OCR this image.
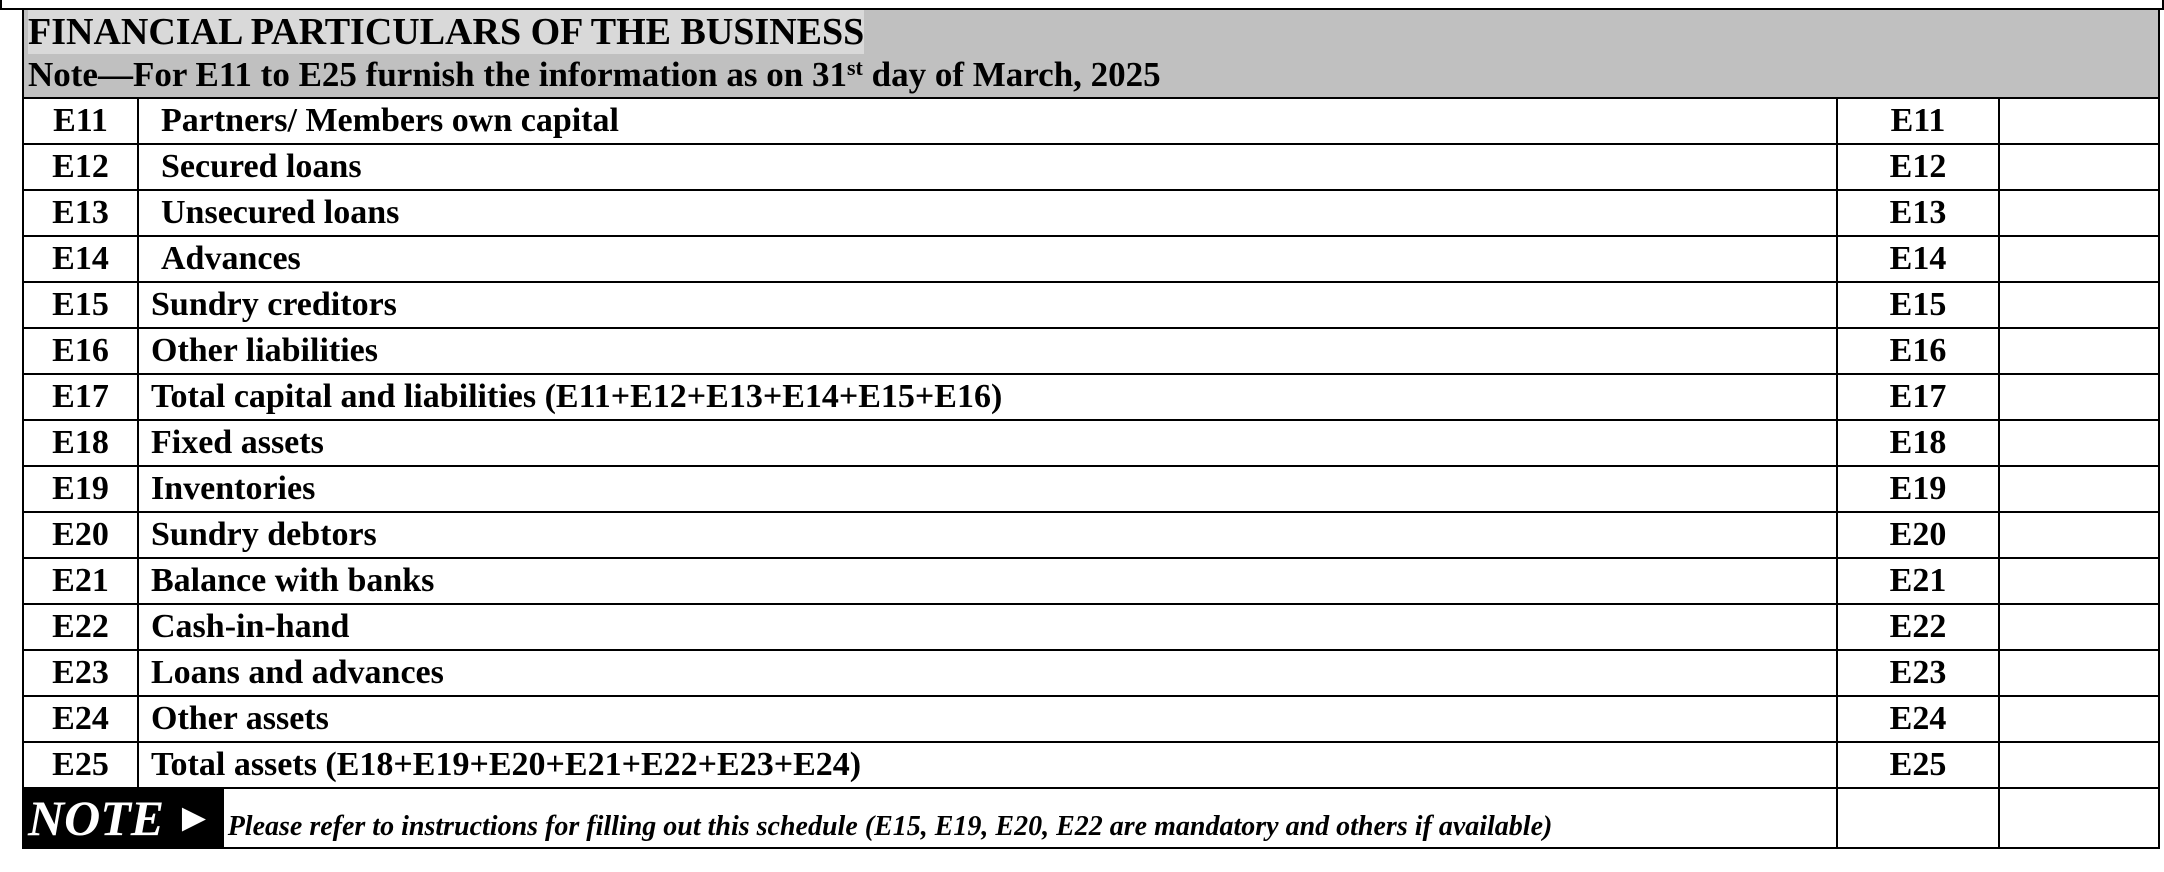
FINANCIAL PARTICULARS OF THE BUSINESS
Note—For E11 to E25 furnish the information as on 31st day of March, 2025
E11	Partners/ Members own capital	E11	
E12	Secured loans	E12	
E13	Unsecured loans	E13	
E14	Advances	E14	
E15	Sundry creditors	E15	
E16	Other liabilities	E16	
E17	Total capital and liabilities (E11+E12+E13+E14+E15+E16)	E17	
E18	Fixed assets	E18	
E19	Inventories	E19	
E20	Sundry debtors	E20	
E21	Balance with banks	E21	
E22	Cash-in-hand	E22	
E23	Loans and advances	E23	
E24	Other assets	E24	
E25	Total assets (E18+E19+E20+E21+E22+E23+E24)	E25	
NOTE ► Please refer to instructions for filling out this schedule (E15, E19, E20, E22 are mandatory and others if available)			
